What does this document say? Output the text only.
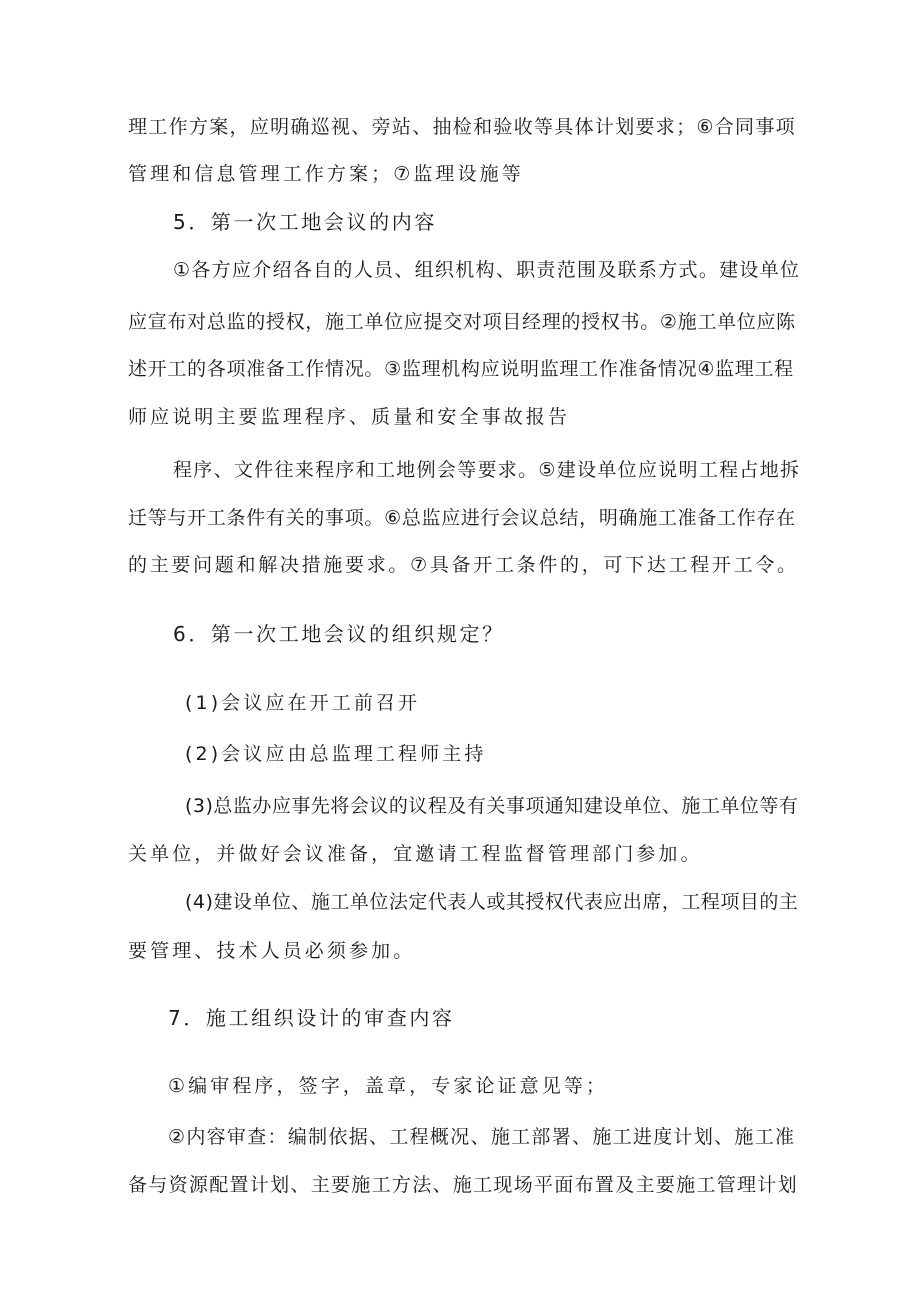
理工作方案，应明确巡视、旁站、抽检和验收等具体计划要求；⑥合同事项
管理和信息管理工作方案；⑦监理设施等
5．第一次工地会议的内容
①各方应介绍各自的人员、组织机构、职责范围及联系方式。建设单位
应宣布对总监的授权，施工单位应提交对项目经理的授权书。②施工单位应陈
述开工的各项准备工作情况。③监理机构应说明监理工作准备情况④监理工程
师应说明主要监理程序、质量和安全事故报告
程序、文件往来程序和工地例会等要求。⑤建设单位应说明工程占地拆
迁等与开工条件有关的事项。⑥总监应进行会议总结，明确施工准备工作存在
的主要问题和解决措施要求。⑦具备开工条件的，可下达工程开工令。
6．第一次工地会议的组织规定？
(1)会议应在开工前召开
(2)会议应由总监理工程师主持
(3)总监办应事先将会议的议程及有关事项通知建设单位、施工单位等有
关单位，并做好会议准备，宜邀请工程监督管理部门参加。
(4)建设单位、施工单位法定代表人或其授权代表应出席，工程项目的主
要管理、技术人员必须参加。
7．施工组织设计的审查内容
①编审程序，签字，盖章，专家论证意见等；
②内容审查：编制依据、工程概况、施工部署、施工进度计划、施工准
备与资源配置计划、主要施工方法、施工现场平面布置及主要施工管理计划
